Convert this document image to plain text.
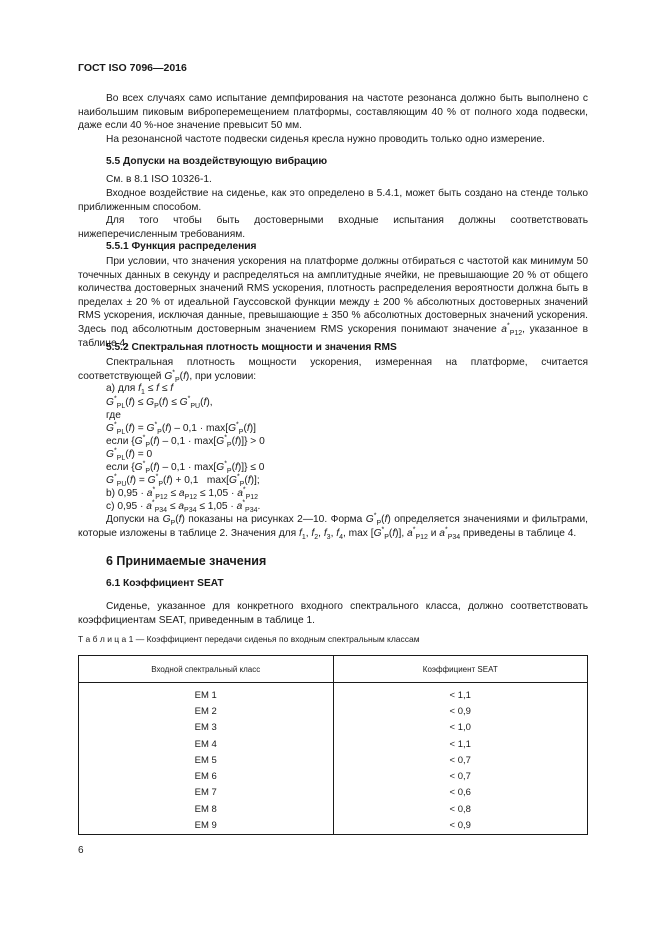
ГОСТ ISO 7096—2016
Во всех случаях само испытание демпфирования на частоте резонанса должно быть выполнено с наибольшим пиковым виброперемещением платформы, составляющим 40 % от полного хода подвески, даже если 40 %-ное значение превысит 50 мм.
На резонансной частоте подвески сиденья кресла нужно проводить только одно измерение.
5.5 Допуски на воздействующую вибрацию
См. в 8.1 ISO 10326-1.
Входное воздействие на сиденье, как это определено в 5.4.1, может быть создано на стенде только приближенным способом.
Для того чтобы быть достоверными входные испытания должны соответствовать нижеперечисленным требованиям.
5.5.1 Функция распределения
При условии, что значения ускорения на платформе должны отбираться с частотой как минимум 50 точечных данных в секунду и распределяться на амплитудные ячейки, не превышающие 20 % от общего количества достоверных значений RMS ускорения, плотность распределения вероятности должна быть в пределах ± 20 % от идеальной Гауссовской функции между ± 200 % абсолютных достоверных значений RMS ускорения, исключая данные, превышающие ± 350 % абсолютных достоверных значений ускорения. Здесь под абсолютным достоверным значением RMS ускорения понимают значение $a^*_{P12}$, указанное в таблице 4.
5.5.2 Спектральная плотность мощности и значения RMS
Спектральная плотность мощности ускорения, измеренная на платформе, считается соответствующей $G^*_P(f)$, при условии:
а) для $f_1 \le f \le f$
$G^*_{PL}(f) \le G_P(f) \le G^*_{PU}(f)$,
где
$G^*_{PL}(f) = G^*_P(f) - 0,1 \cdot \max[G^*_P(f)]$
если $\{G^*_P(f) - 0,1 \cdot \max[G^*_P(f)]\} > 0$
$G^*_{PL}(f) = 0$
если $\{G^*_P(f) - 0,1 \cdot \max[G^*_P(f)]\} \le 0$
$G^*_{PU}(f) = G^*_P(f) + 0,1$   $\max[G^*_P(f)]$;
b) $0,95 \cdot a^*_{P12} \le a_{P12} \le 1,05 \cdot a^*_{P12}$
c) $0,95 \cdot a^*_{P34} \le a_{P34} \le 1,05 \cdot a^*_{P34}$.
Допуски на $G_P(f)$ показаны на рисунках 2—10. Форма $G^*_P(f)$ определяется значениями и фильтрами, которые изложены в таблице 2. Значения для $f_1$, $f_2$, $f_3$, $f_4$, $\max [G^*_P(f)]$, $a^*_{P12}$ и $a^*_{P34}$ приведены в таблице 4.
6 Принимаемые значения
6.1 Коэффициент SEAT
Сиденье, указанное для конкретного входного спектрального класса, должно соответствовать коэффициентам SEAT, приведенным в таблице 1.
Т а б л и ц а 1 — Коэффициент передачи сиденья по входным спектральным классам
Входной спектральный класс	Коэффициент SEAT

EM 1	< 1,1
EM 2	< 0,9
EM 3	< 1,0
EM 4	< 1,1
EM 5	< 0,7
EM 6	< 0,7
EM 7	< 0,6
EM 8	< 0,8
EM 9	< 0,9
6
